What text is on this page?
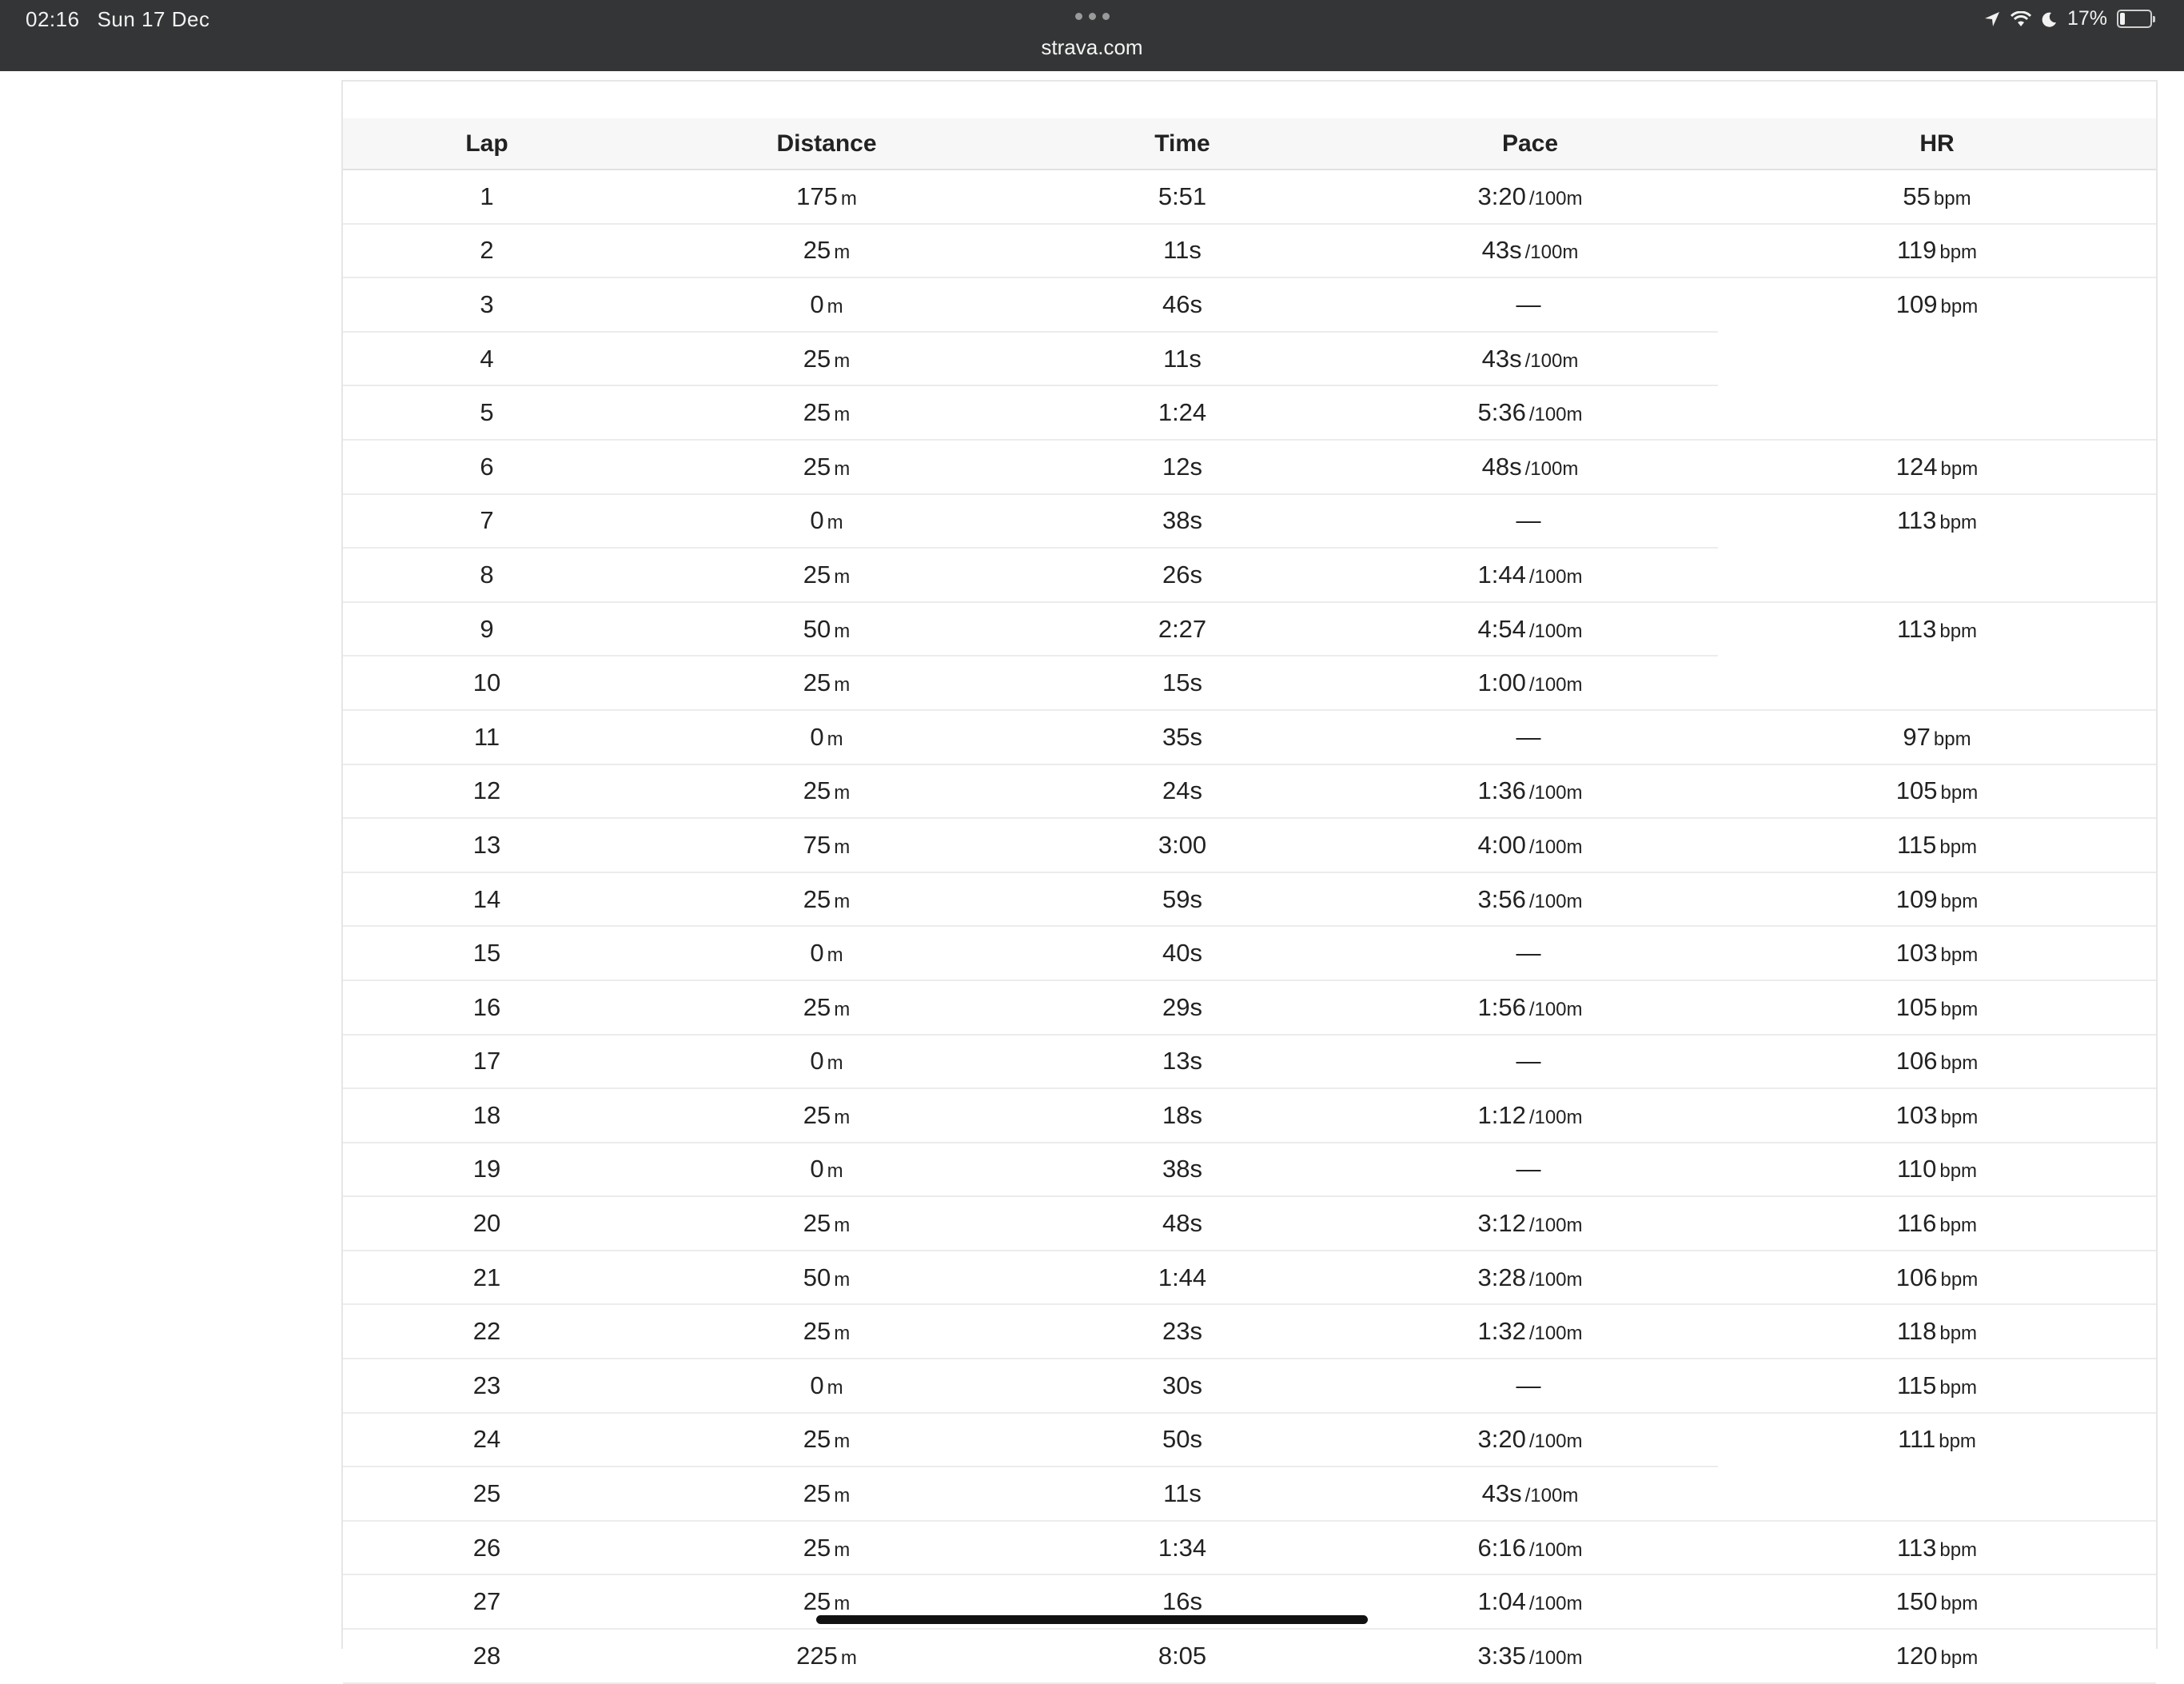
02:16 Sun 17 Dec
strava.com
17%
Lap	Distance	Time	Pace	HR
1	175 m	5:51	3:20 /100m	55 bpm
2	25 m	11s	43s /100m	119 bpm
3	0 m	46s	—	109 bpm
4	25 m	11s	43s /100m	
5	25 m	1:24	5:36 /100m	
6	25 m	12s	48s /100m	124 bpm
7	0 m	38s	—	113 bpm
8	25 m	26s	1:44 /100m	
9	50 m	2:27	4:54 /100m	113 bpm
10	25 m	15s	1:00 /100m	
11	0 m	35s	—	97 bpm
12	25 m	24s	1:36 /100m	105 bpm
13	75 m	3:00	4:00 /100m	115 bpm
14	25 m	59s	3:56 /100m	109 bpm
15	0 m	40s	—	103 bpm
16	25 m	29s	1:56 /100m	105 bpm
17	0 m	13s	—	106 bpm
18	25 m	18s	1:12 /100m	103 bpm
19	0 m	38s	—	110 bpm
20	25 m	48s	3:12 /100m	116 bpm
21	50 m	1:44	3:28 /100m	106 bpm
22	25 m	23s	1:32 /100m	118 bpm
23	0 m	30s	—	115 bpm
24	25 m	50s	3:20 /100m	111 bpm
25	25 m	11s	43s /100m	
26	25 m	1:34	6:16 /100m	113 bpm
27	25 m	16s	1:04 /100m	150 bpm
28	225 m	8:05	3:35 /100m	120 bpm
